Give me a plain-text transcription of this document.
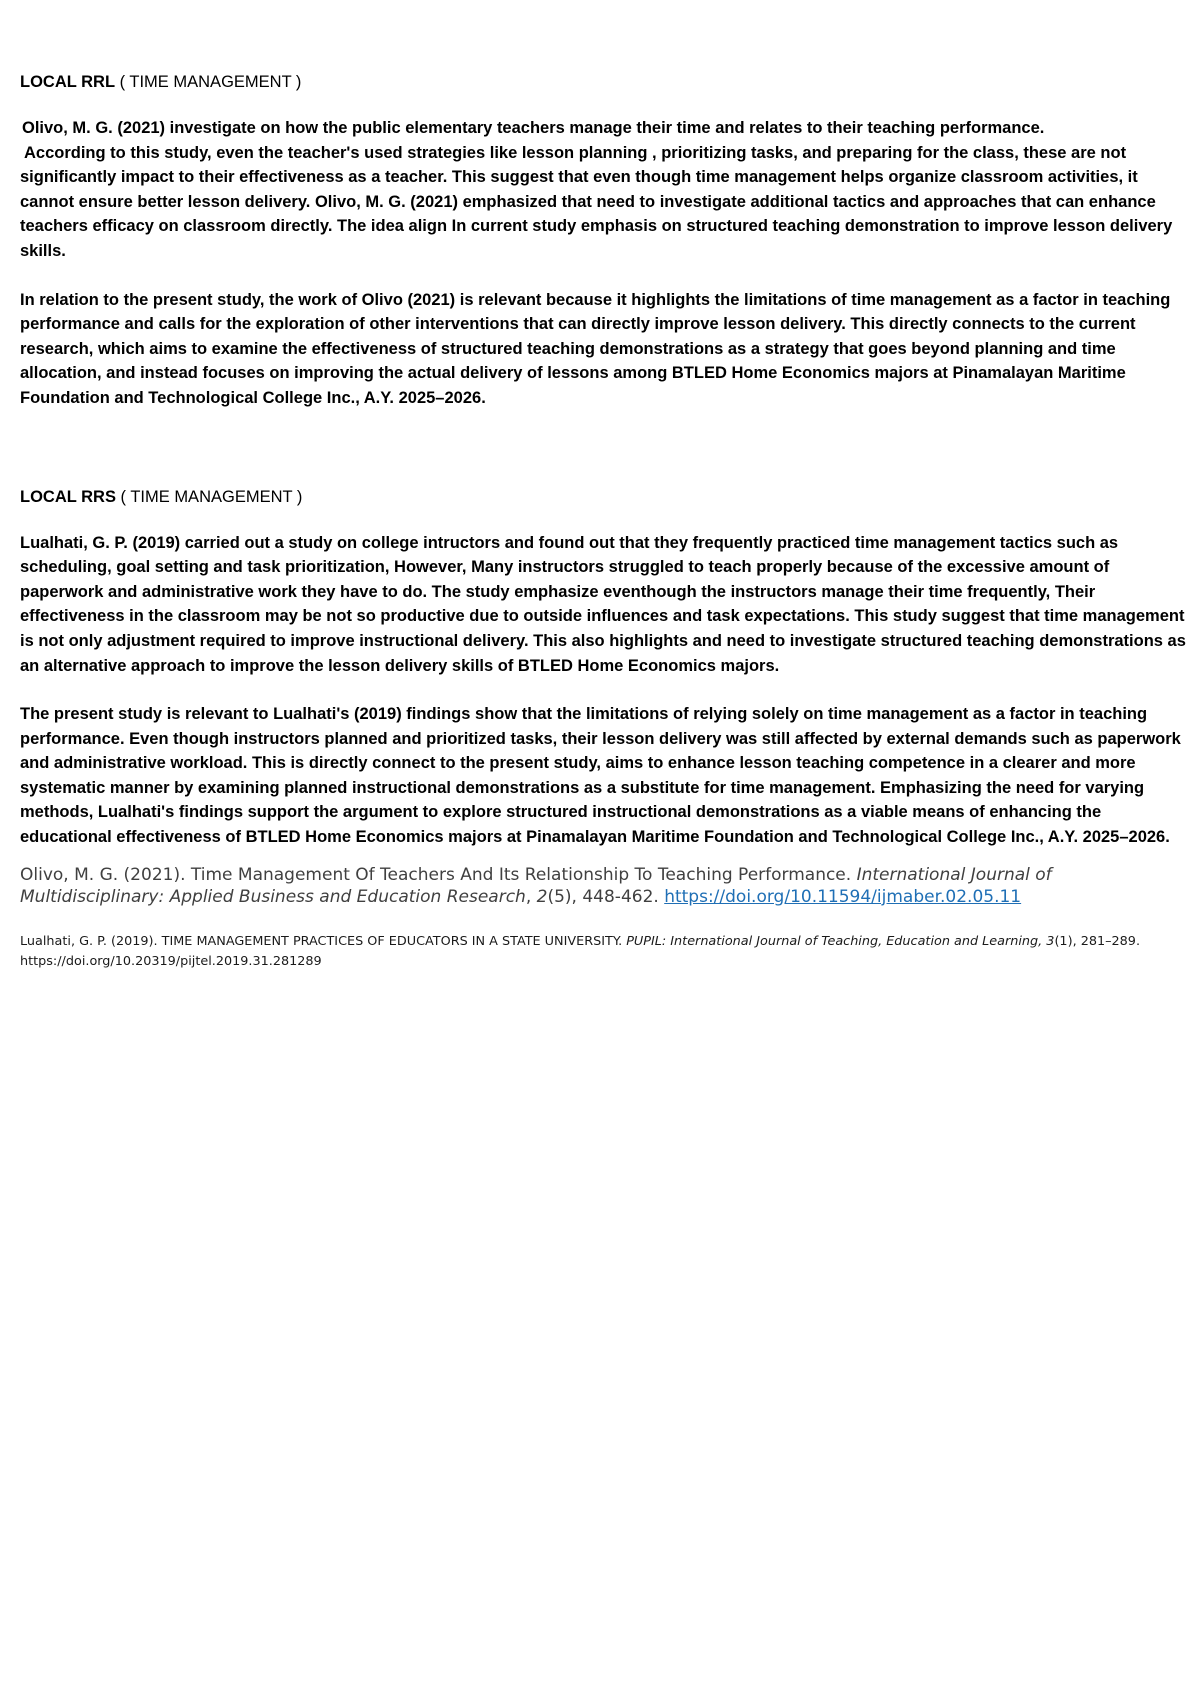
LOCAL RRL ( TIME MANAGEMENT )

Olivo, M. G. (2021) investigate on how the public elementary teachers manage their time and relates to their teaching performance.
According to this study, even the teacher's used strategies like lesson planning , prioritizing tasks, and preparing for the class, these are not significantly impact to their effectiveness as a teacher. This suggest that even though time management helps organize classroom activities, it cannot ensure better lesson delivery. Olivo, M. G. (2021) emphasized that need to investigate additional tactics and approaches that can enhance teachers efficacy on classroom directly. The idea align In current study emphasis on structured teaching demonstration to improve lesson delivery skills.

In relation to the present study, the work of Olivo (2021) is relevant because it highlights the limitations of time management as a factor in teaching performance and calls for the exploration of other interventions that can directly improve lesson delivery. This directly connects to the current research, which aims to examine the effectiveness of structured teaching demonstrations as a strategy that goes beyond planning and time allocation, and instead focuses on improving the actual delivery of lessons among BTLED Home Economics majors at Pinamalayan Maritime Foundation and Technological College Inc., A.Y. 2025–2026.

LOCAL RRS ( TIME MANAGEMENT )

Lualhati, G. P. (2019) carried out a study on college intructors and found out that they frequently practiced time management tactics such as scheduling, goal setting and task prioritization, However, Many instructors struggled to teach properly because of the excessive amount of paperwork and administrative work they have to do. The study emphasize eventhough the instructors manage their time frequently, Their effectiveness in the classroom may be not so productive due to outside influences and task expectations. This study suggest that time management is not only adjustment required to improve instructional delivery. This also highlights and need to investigate structured teaching demonstrations as an alternative approach to improve the lesson delivery skills of BTLED Home Economics majors.

The present study is relevant to Lualhati's (2019) findings show that the limitations of relying solely on time management as a factor in teaching performance. Even though instructors planned and prioritized tasks, their lesson delivery was still affected by external demands such as paperwork and administrative workload. This is directly connect to the present study, aims to enhance lesson teaching competence in a clearer and more systematic manner by examining planned instructional demonstrations as a substitute for time management. Emphasizing the need for varying methods, Lualhati's findings support the argument to explore structured instructional demonstrations as a viable means of enhancing the educational effectiveness of BTLED Home Economics majors at Pinamalayan Maritime Foundation and Technological College Inc., A.Y. 2025–2026.

Olivo, M. G. (2021). Time Management Of Teachers And Its Relationship To Teaching Performance. International Journal of Multidisciplinary: Applied Business and Education Research, 2(5), 448-462. https://doi.org/10.11594/ijmaber.02.05.11

Lualhati, G. P. (2019). TIME MANAGEMENT PRACTICES OF EDUCATORS IN A STATE UNIVERSITY. PUPIL: International Journal of Teaching, Education and Learning, 3(1), 281–289. https://doi.org/10.20319/pijtel.2019.31.281289
